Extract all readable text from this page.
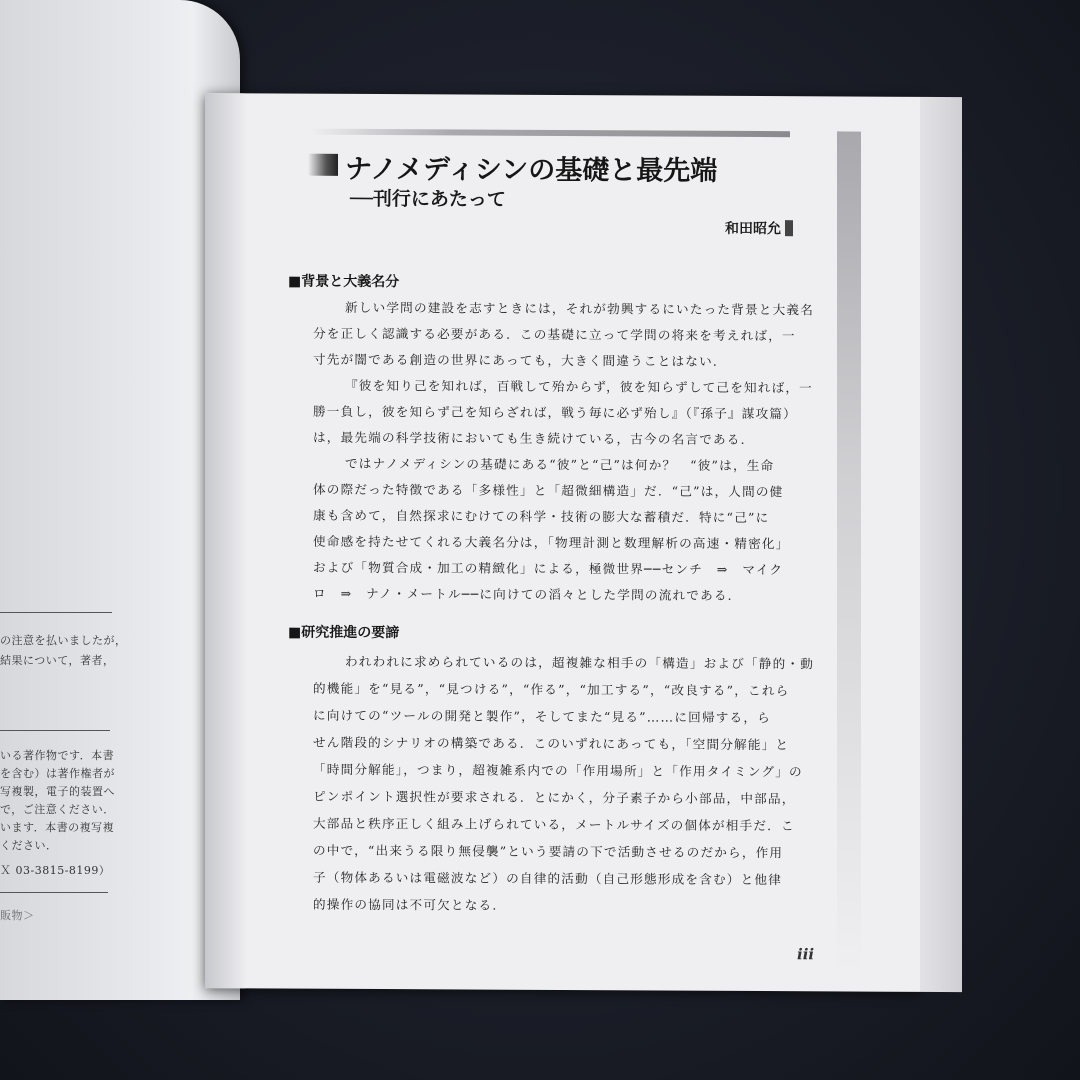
の注意を払いましたが，
結果について，著者，
いる著作物です．本書
を含む）は著作権者が
写複製，電子的装置へ
で，ご注意ください．
います．本書の複写複
ください．
Ｘ 03-3815-8199）
販物＞
ナノメディシンの基礎と最先端
──刊行にあたって
和田昭允
■背景と大義名分
新しい学問の建設を志すときには，それが勃興するにいたった背景と大義名
分を正しく認識する必要がある．この基礎に立って学問の将来を考えれば，一
寸先が闇である創造の世界にあっても，大きく間違うことはない．
『彼を知り己を知れば，百戦して殆からず，彼を知らずして己を知れば，一
勝一負し，彼を知らず己を知らざれば，戦う毎に必ず殆し』（『孫子』謀攻篇）
は，最先端の科学技術においても生き続けている，古今の名言である．
ではナノメディシンの基礎にある“彼”と“己”は何か？　“彼”は，生命
体の際だった特徴である「多様性」と「超微細構造」だ．“己”は，人間の健
康も含めて，自然探求にむけての科学・技術の膨大な蓄積だ．特に“己”に
使命感を持たせてくれる大義名分は，「物理計測と数理解析の高速・精密化」
および「物質合成・加工の精緻化」による，極微世界──センチ　⇒　マイク
ロ　⇒　ナノ・メートル──に向けての滔々とした学問の流れである．
■研究推進の要諦
われわれに求められているのは，超複雑な相手の「構造」および「静的・動
的機能」を“見る”，“見つける”，“作る”，“加工する”，“改良する”，これら
に向けての“ツールの開発と製作”，そしてまた“見る”……に回帰する，ら
せん階段的シナリオの構築である．このいずれにあっても，「空間分解能」と
「時間分解能」，つまり，超複雑系内での「作用場所」と「作用タイミング」の
ピンポイント選択性が要求される．とにかく，分子素子から小部品，中部品，
大部品と秩序正しく組み上げられている，メートルサイズの個体が相手だ．こ
の中で，“出来うる限り無侵襲”という要請の下で活動させるのだから，作用
子（物体あるいは電磁波など）の自律的活動（自己形態形成を含む）と他律
的操作の協同は不可欠となる．
iii
